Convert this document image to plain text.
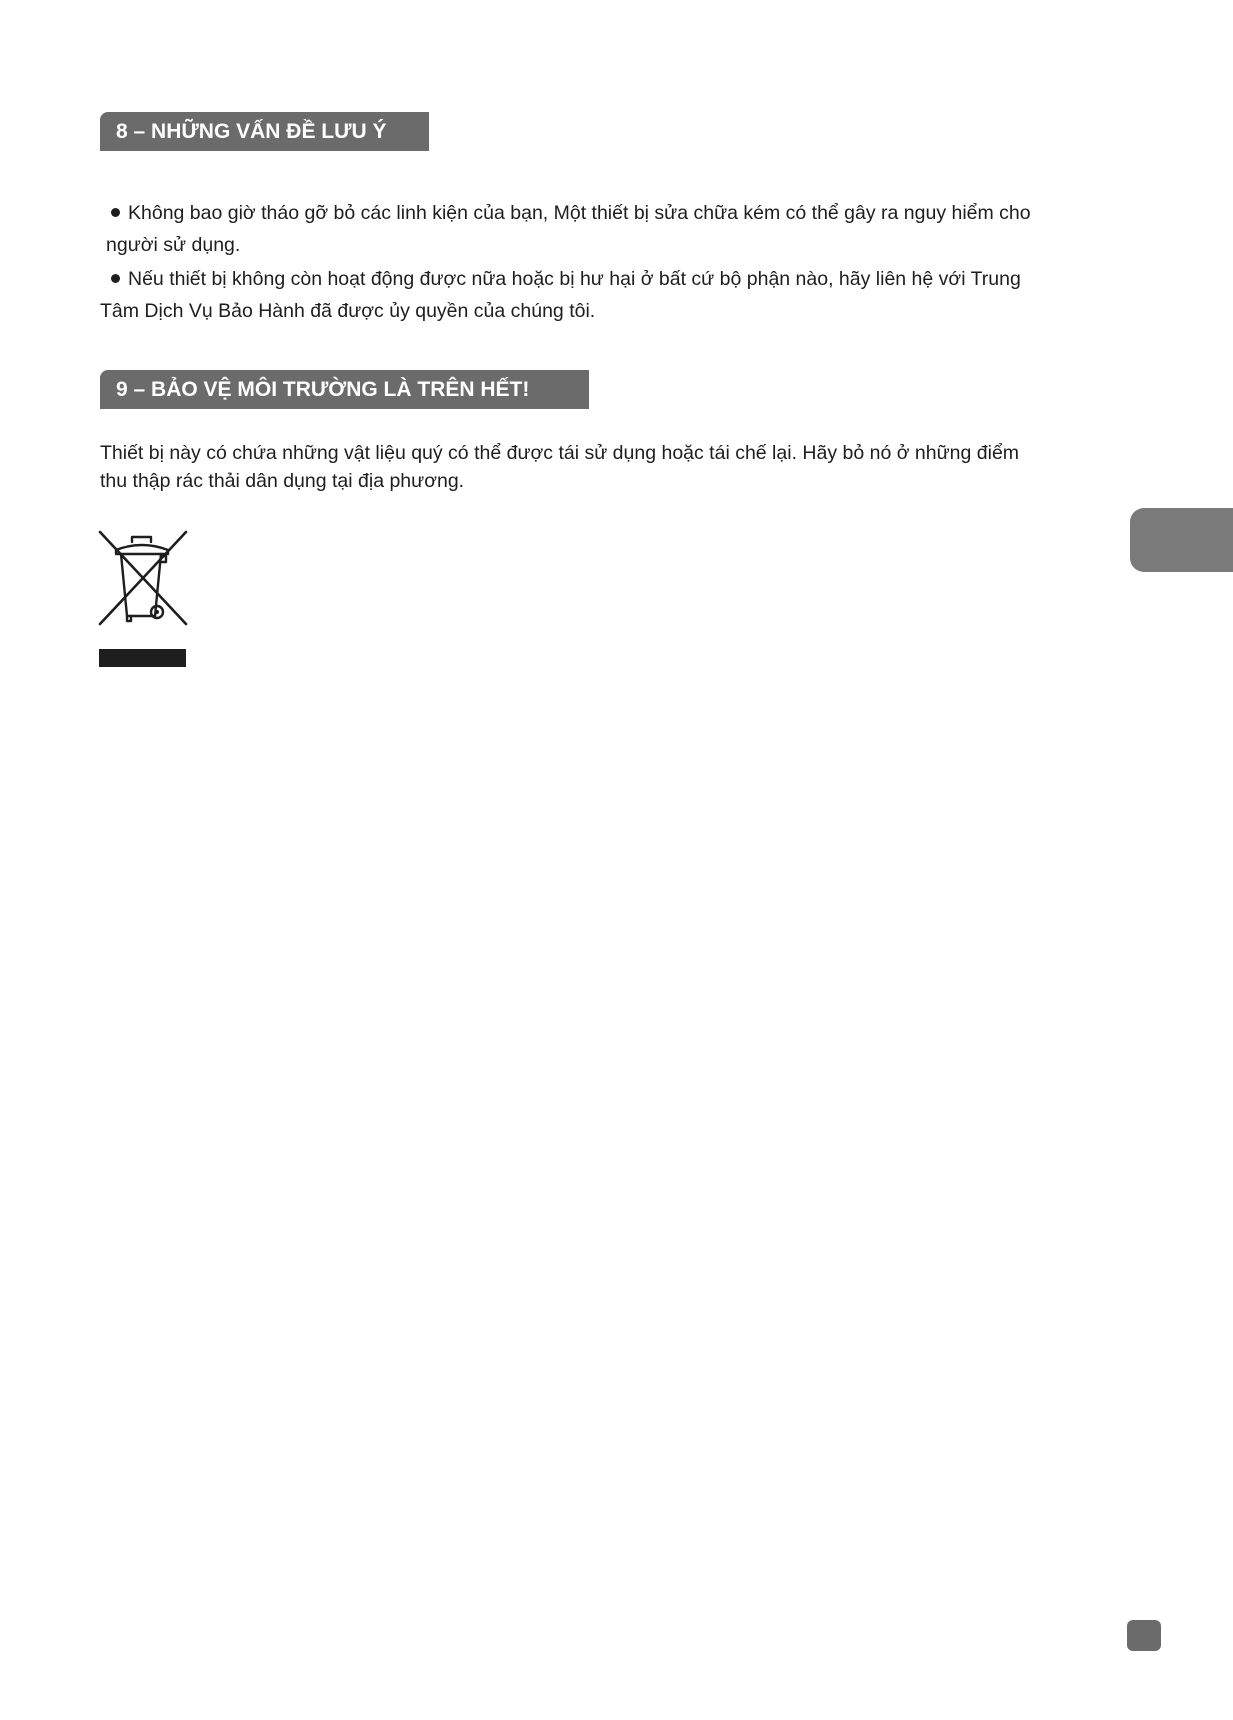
8 – NHỮNG VẤN ĐỀ LƯU Ý

Không bao giờ tháo gỡ bỏ các linh kiện của bạn, Một thiết bị sửa chữa kém có thể gây ra nguy hiểm cho
người sử dụng.

Nếu thiết bị không còn hoạt động được nữa hoặc bị hư hại ở bất cứ bộ phận nào, hãy liên hệ với Trung
Tâm Dịch Vụ Bảo Hành đã được ủy quyền của chúng tôi.

9 – BẢO VỆ MÔI TRƯỜNG LÀ TRÊN HẾT!

Thiết bị này có chứa những vật liệu quý có thể được tái sử dụng hoặc tái chế lại. Hãy bỏ nó ở những điểm
thu thập rác thải dân dụng tại địa phương.
